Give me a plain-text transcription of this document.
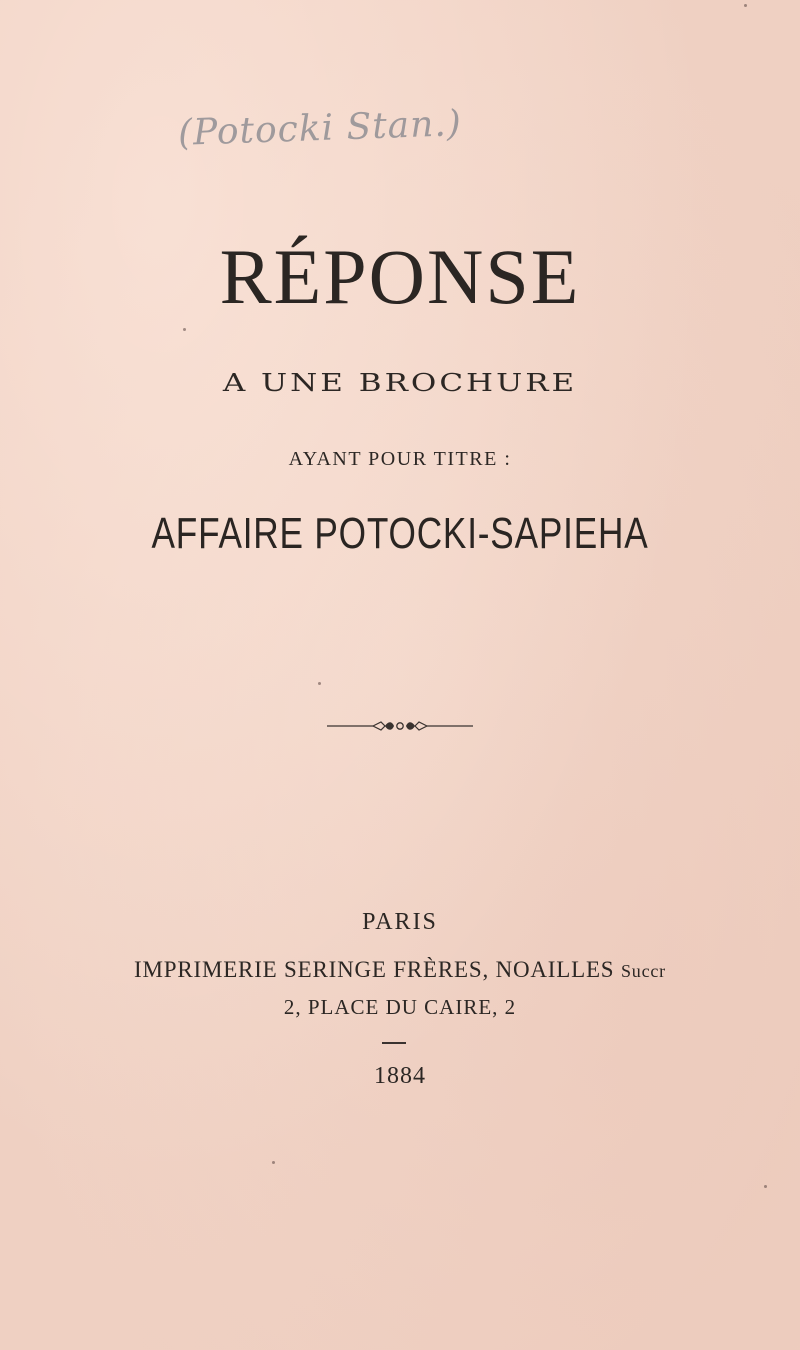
(Potocki Stan.)
RÉPONSE
A UNE BROCHURE
AYANT POUR TITRE :
AFFAIRE POTOCKI-SAPIEHA
PARIS
IMPRIMERIE SERINGE FRÈRES, NOAILLES Succr
2, PLACE DU CAIRE, 2
1884
